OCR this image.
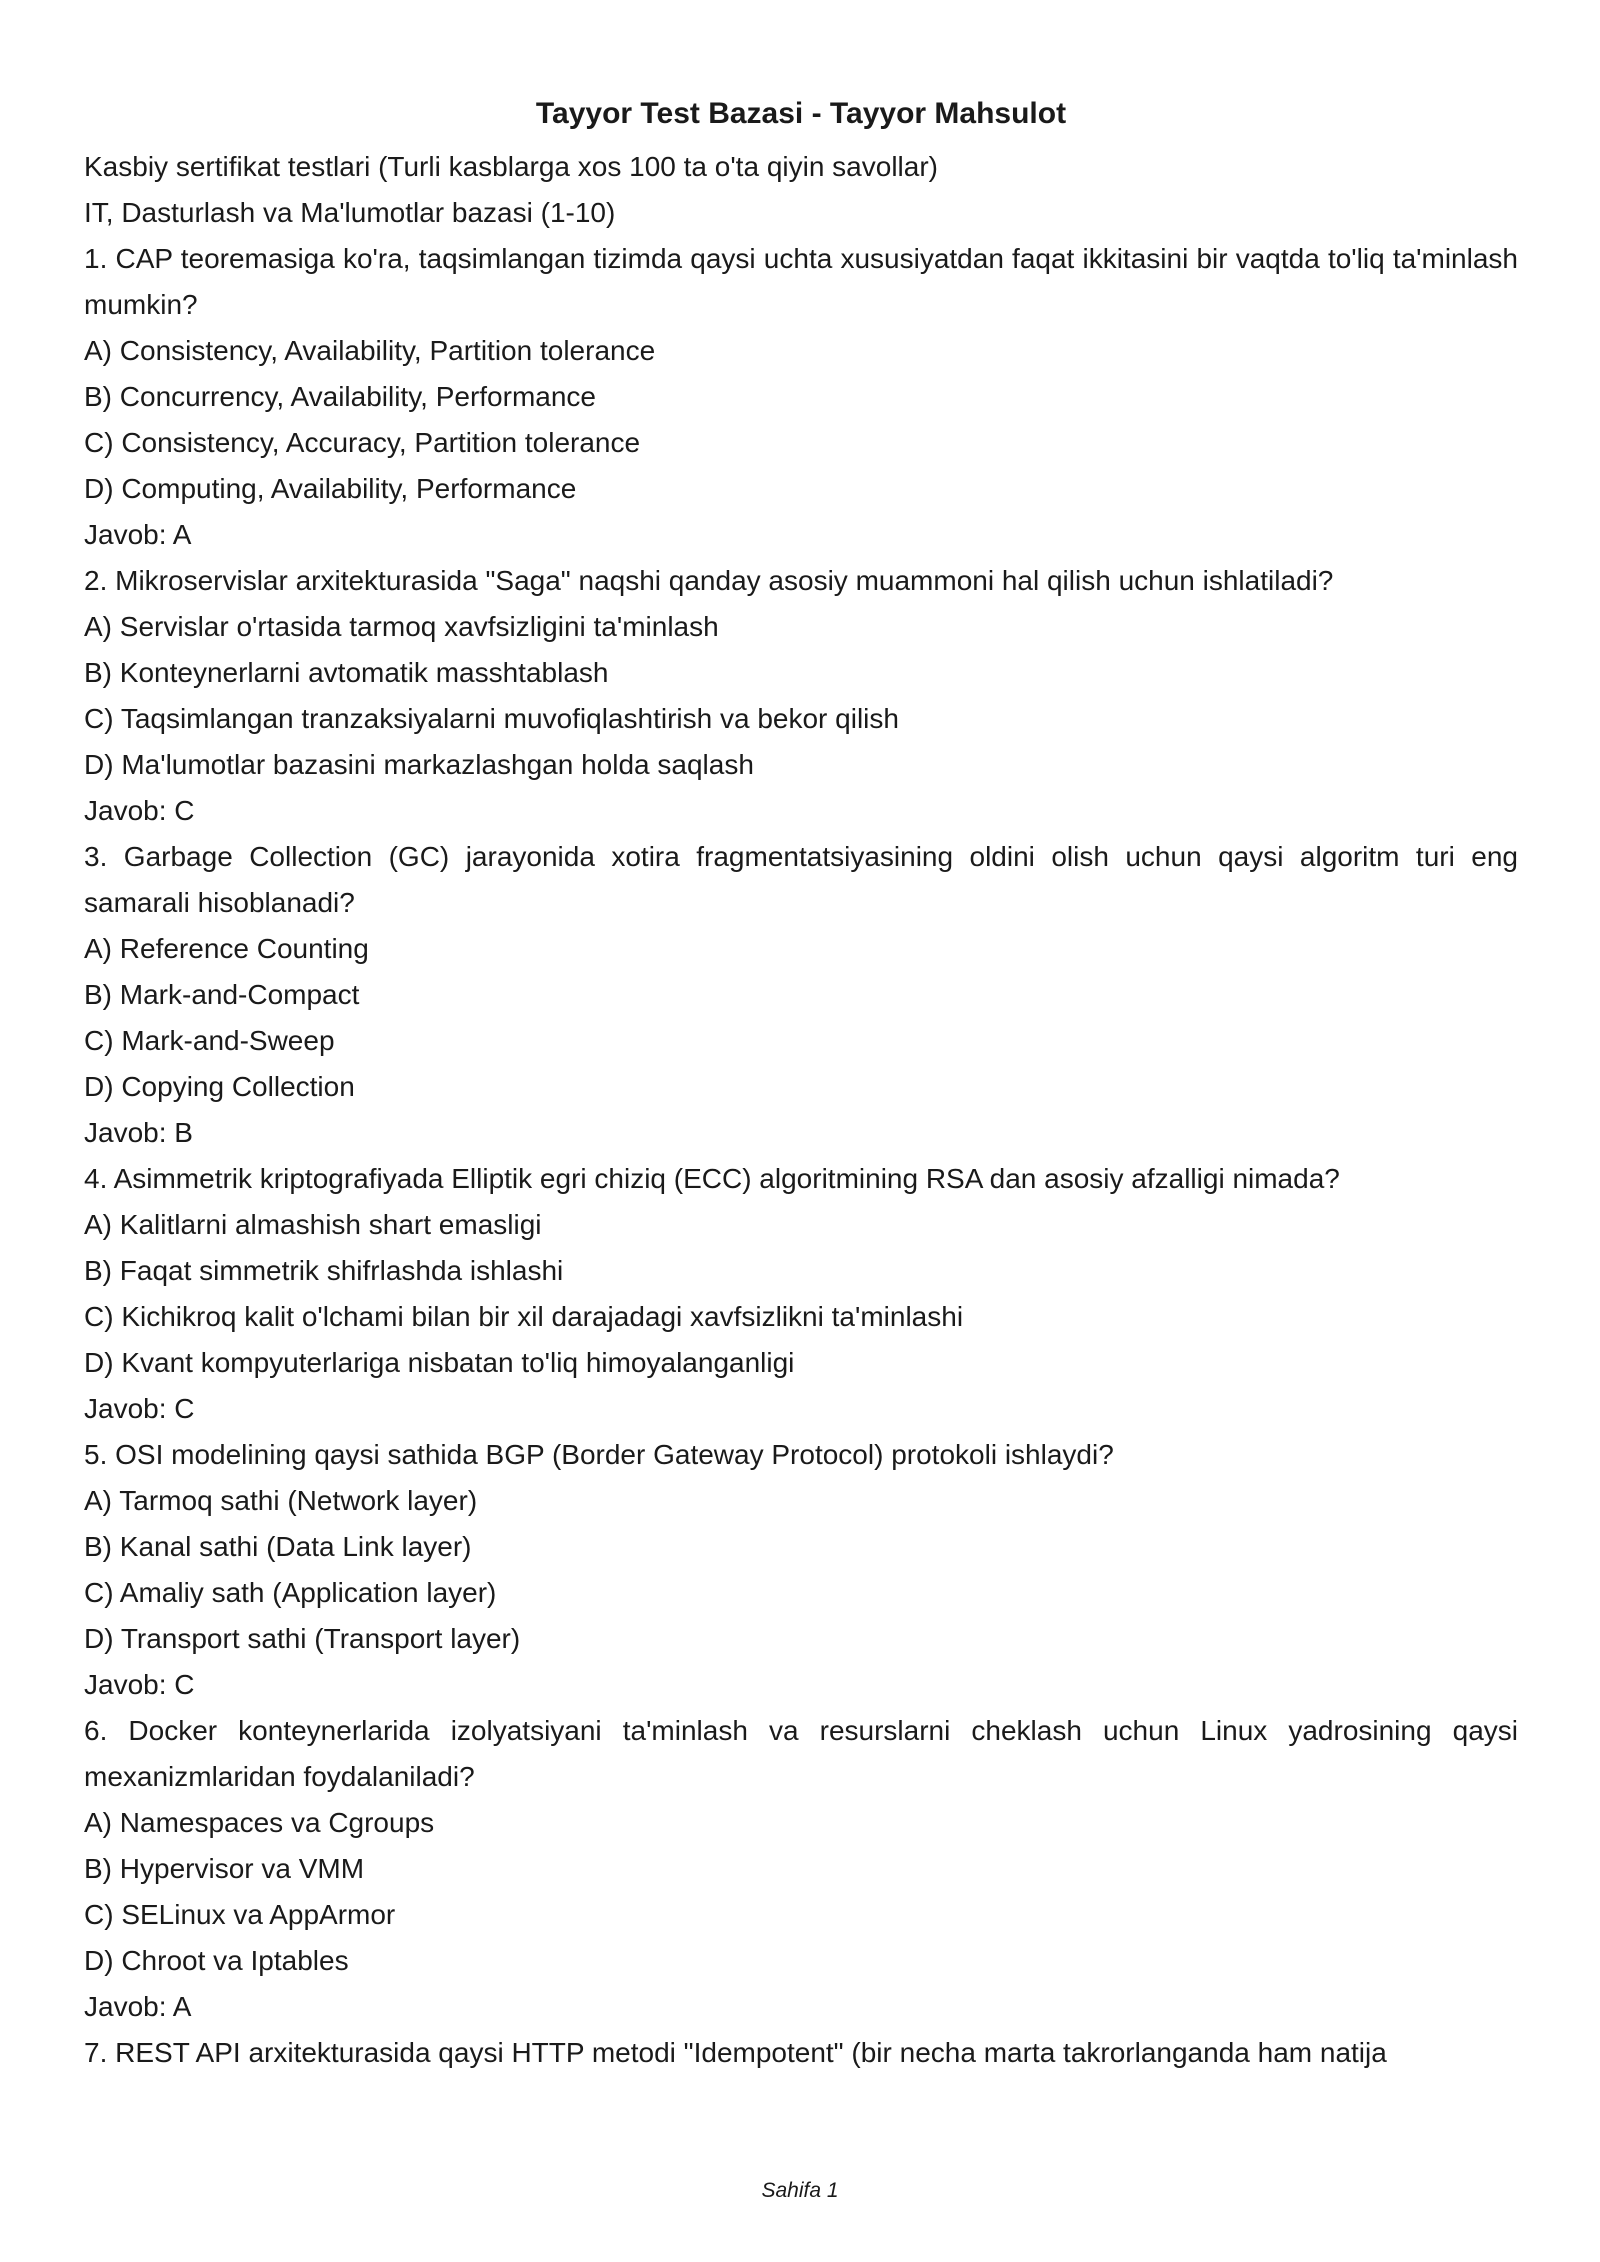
Tayyor Test Bazasi - Tayyor Mahsulot
Kasbiy sertifikat testlari (Turli kasblarga xos 100 ta o'ta qiyin savollar)
IT, Dasturlash va Ma'lumotlar bazasi (1-10)
1. CAP teoremasiga ko'ra, taqsimlangan tizimda qaysi uchta xususiyatdan faqat ikkitasini bir vaqtda to'liq ta'minlash mumkin?
A) Consistency, Availability, Partition tolerance
B) Concurrency, Availability, Performance
C) Consistency, Accuracy, Partition tolerance
D) Computing, Availability, Performance
Javob: A
2. Mikroservislar arxitekturasida "Saga" naqshi qanday asosiy muammoni hal qilish uchun ishlatiladi?
A) Servislar o'rtasida tarmoq xavfsizligini ta'minlash
B) Konteynerlarni avtomatik masshtablash
C) Taqsimlangan tranzaksiyalarni muvofiqlashtirish va bekor qilish
D) Ma'lumotlar bazasini markazlashgan holda saqlash
Javob: C
3. Garbage Collection (GC) jarayonida xotira fragmentatsiyasining oldini olish uchun qaysi algoritm turi eng samarali hisoblanadi?
A) Reference Counting
B) Mark-and-Compact
C) Mark-and-Sweep
D) Copying Collection
Javob: B
4. Asimmetrik kriptografiyada Elliptik egri chiziq (ECC) algoritmining RSA dan asosiy afzalligi nimada?
A) Kalitlarni almashish shart emasligi
B) Faqat simmetrik shifrlashda ishlashi
C) Kichikroq kalit o'lchami bilan bir xil darajadagi xavfsizlikni ta'minlashi
D) Kvant kompyuterlariga nisbatan to'liq himoyalanganligi
Javob: C
5. OSI modelining qaysi sathida BGP (Border Gateway Protocol) protokoli ishlaydi?
A) Tarmoq sathi (Network layer)
B) Kanal sathi (Data Link layer)
C) Amaliy sath (Application layer)
D) Transport sathi (Transport layer)
Javob: C
6. Docker konteynerlarida izolyatsiyani ta'minlash va resurslarni cheklash uchun Linux yadrosining qaysi mexanizmlaridan foydalaniladi?
A) Namespaces va Cgroups
B) Hypervisor va VMM
C) SELinux va AppArmor
D) Chroot va Iptables
Javob: A
7. REST API arxitekturasida qaysi HTTP metodi "Idempotent" (bir necha marta takrorlanganda ham natija
Sahifa 1
